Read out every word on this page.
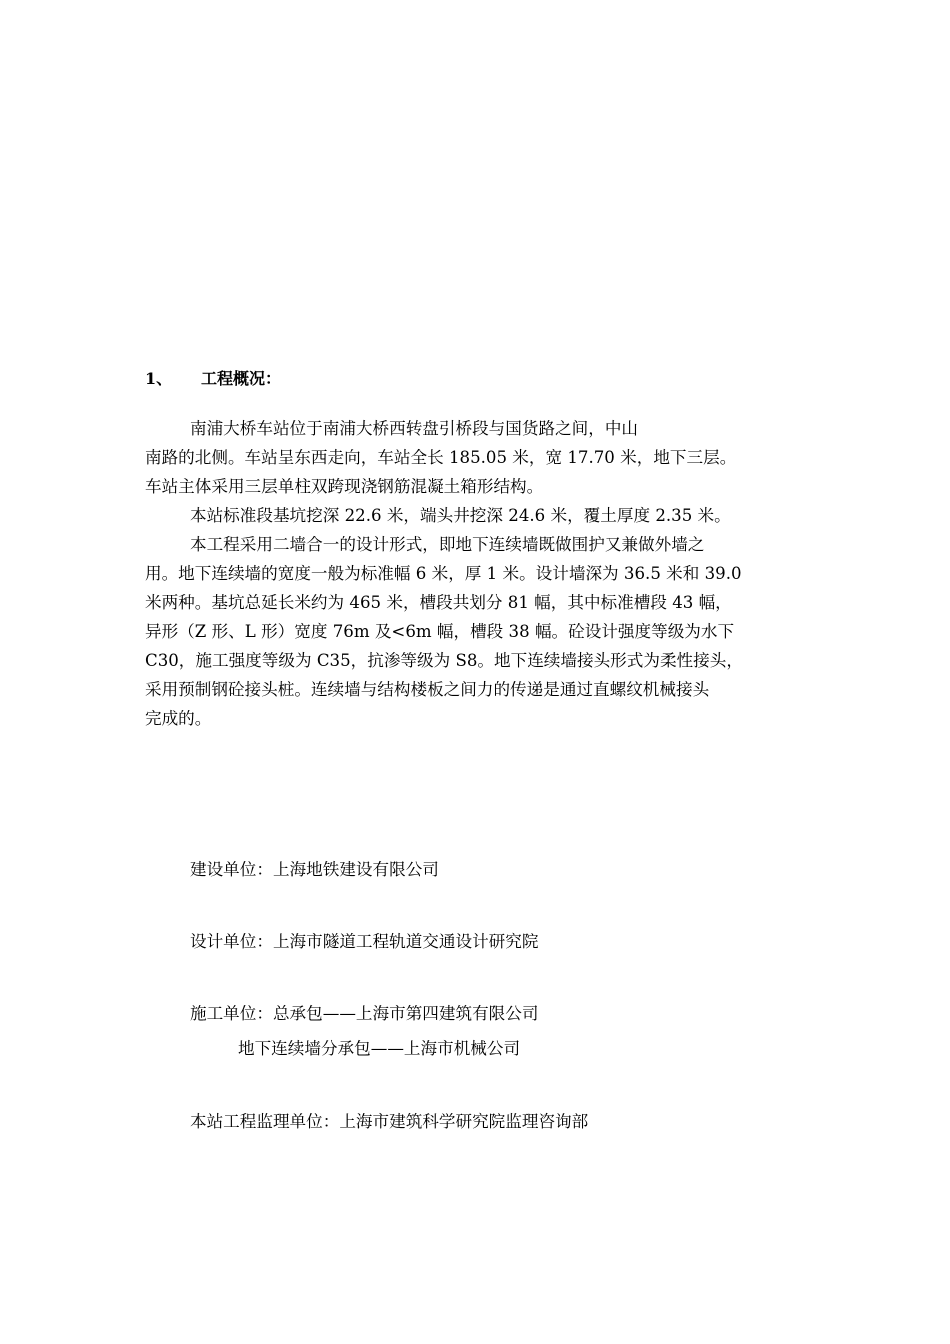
1、 工程概况：

南浦大桥车站位于南浦大桥西转盘引桥段与国货路之间，中山
南路的北侧。车站呈东西走向，车站全长 185.05 米，宽 17.70 米，地下三层。
车站主体采用三层单柱双跨现浇钢筋混凝土箱形结构。

本站标准段基坑挖深 22.6 米，端头井挖深 24.6 米，覆土厚度 2.35 米。

本工程采用二墙合一的设计形式，即地下连续墙既做围护又兼做外墙之
用。地下连续墙的宽度一般为标准幅 6 米，厚 1 米。设计墙深为 36.5 米和 39.0
米两种。基坑总延长米约为 465 米，槽段共划分 81 幅，其中标准槽段 43 幅，
异形（Z 形、L 形）宽度 76m 及<6m 幅，槽段 38 幅。砼设计强度等级为水下
C30，施工强度等级为 C35，抗渗等级为 S8。地下连续墙接头形式为柔性接头，
采用预制钢砼接头桩。连续墙与结构楼板之间力的传递是通过直螺纹机械接头
完成的。

建设单位：上海地铁建设有限公司
设计单位：上海市隧道工程轨道交通设计研究院
施工单位：总承包——上海市第四建筑有限公司
地下连续墙分承包——上海市机械公司
本站工程监理单位：上海市建筑科学研究院监理咨询部
